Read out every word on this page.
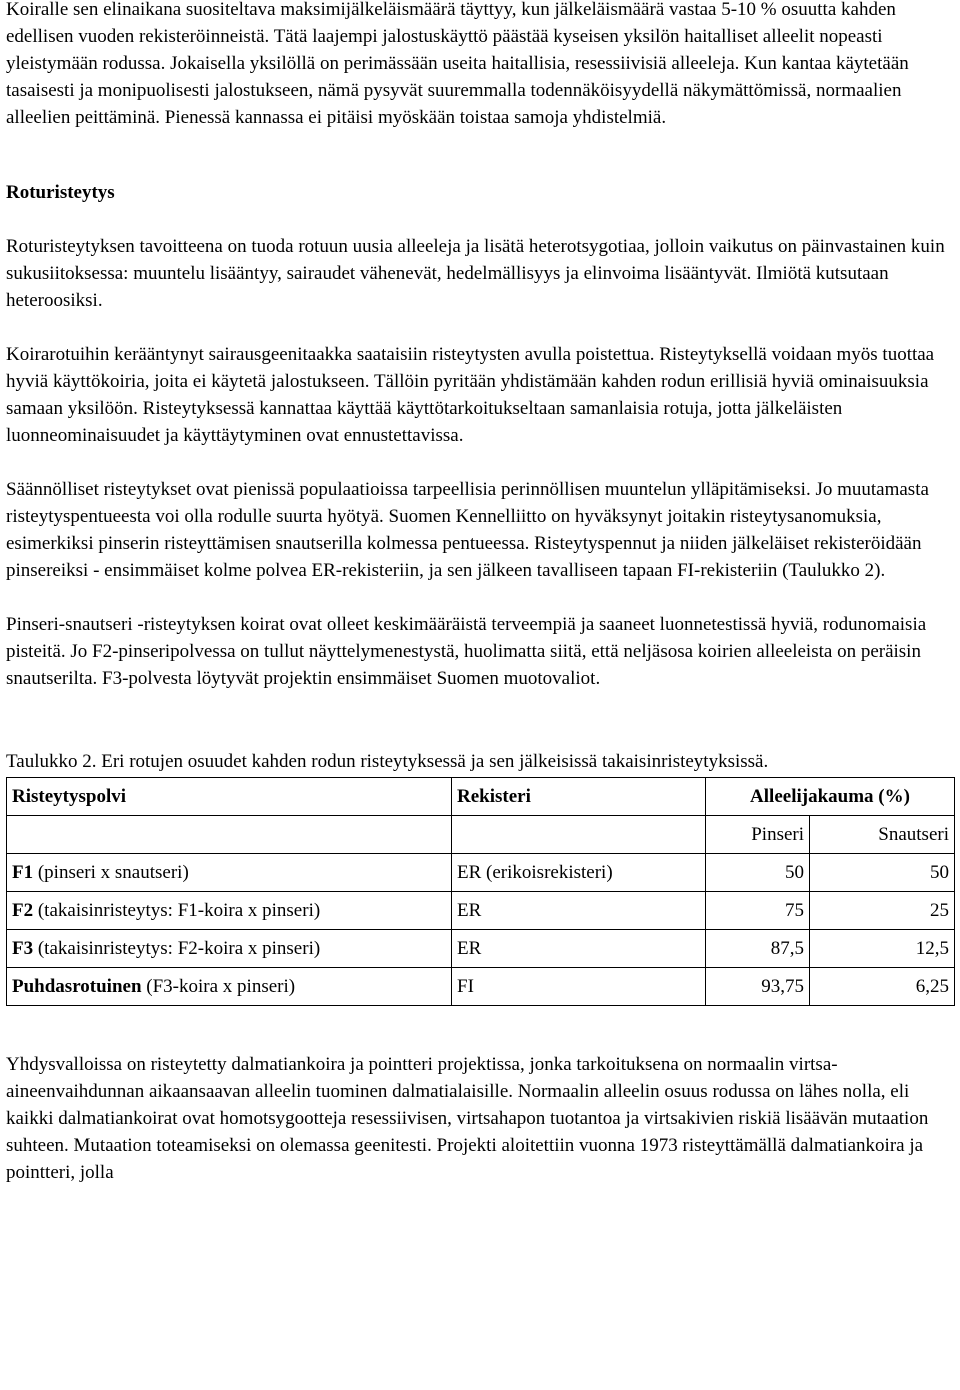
Koiralle sen elinaikana suositeltava maksimijälkeläismäärä täyttyy, kun jälkeläismäärä vastaa 5-10 % osuutta kahden edellisen vuoden rekisteröinneistä. Tätä laajempi jalostuskäyttö päästää kyseisen yksilön haitalliset alleelit nopeasti yleistymään rodussa. Jokaisella yksilöllä on perimässään useita haitallisia, resessiivisiä alleeleja. Kun kantaa käytetään tasaisesti ja monipuolisesti jalostukseen, nämä pysyvät suuremmalla todennäköisyydellä näkymättömissä, normaalien alleelien peittäminä. Pienessä kannassa ei pitäisi myöskään toistaa samoja yhdistelmiä.

Roturisteytys

Roturisteytyksen tavoitteena on tuoda rotuun uusia alleeleja ja lisätä heterotsygotiaa, jolloin vaikutus on päinvastainen kuin sukusiitoksessa: muuntelu lisääntyy, sairaudet vähenevät, hedelmällisyys ja elinvoima lisääntyvät. Ilmiötä kutsutaan heteroosiksi.

Koirarotuihin kerääntynyt sairausgeenitaakka saataisiin risteytysten avulla poistettua. Risteytyksellä voidaan myös tuottaa hyviä käyttökoiria, joita ei käytetä jalostukseen. Tällöin pyritään yhdistämään kahden rodun erillisiä hyviä ominaisuuksia samaan yksilöön. Risteytyksessä kannattaa käyttää käyttötarkoitukseltaan samanlaisia rotuja, jotta jälkeläisten luonneominaisuudet ja käyttäytyminen ovat ennustettavissa.

Säännölliset risteytykset ovat pienissä populaatioissa tarpeellisia perinnöllisen muuntelun ylläpitämiseksi. Jo muutamasta risteytyspentueesta voi olla rodulle suurta hyötyä. Suomen Kennelliitto on hyväksynyt joitakin risteytysanomuksia, esimerkiksi pinserin risteyttämisen snautserilla kolmessa pentueessa. Risteytyspennut ja niiden jälkeläiset rekisteröidään pinsereiksi - ensimmäiset kolme polvea ER-rekisteriin, ja sen jälkeen tavalliseen tapaan FI-rekisteriin (Taulukko 2).

Pinseri-snautseri -risteytyksen koirat ovat olleet keskimääräistä terveempiä ja saaneet luonnetestissä hyviä, rodunomaisia pisteitä. Jo F2-pinseripolvessa on tullut näyttelymenestystä, huolimatta siitä, että neljäsosa koirien alleeleista on peräisin snautserilta. F3-polvesta löytyvät projektin ensimmäiset Suomen muotovaliot.

Taulukko 2. Eri rotujen osuudet kahden rodun risteytyksessä ja sen jälkeisissä takaisinristeytyksissä.

Risteytyspolvi	Rekisteri	Alleelijakauma (%)	
		Pinseri	Snautseri
F1 (pinseri x snautseri)	ER (erikoisrekisteri)	50	50
F2 (takaisinristeytys: F1-koira x pinseri)	ER	75	25
F3 (takaisinristeytys: F2-koira x pinseri)	ER	87,5	12,5
Puhdasrotuinen (F3-koira x pinseri)	FI	93,75	6,25

Yhdysvalloissa on risteytetty dalmatiankoira ja pointteri projektissa, jonka tarkoituksena on normaalin virtsa-aineenvaihdunnan aikaansaavan alleelin tuominen dalmatialaisille. Normaalin alleelin osuus rodussa on lähes nolla, eli kaikki dalmatiankoirat ovat homotsygootteja resessiivisen, virtsahapon tuotantoa ja virtsakivien riskiä lisäävän mutaation suhteen. Mutaation toteamiseksi on olemassa geenitesti. Projekti aloitettiin vuonna 1973 risteyttämällä dalmatiankoira ja pointteri, jolla
